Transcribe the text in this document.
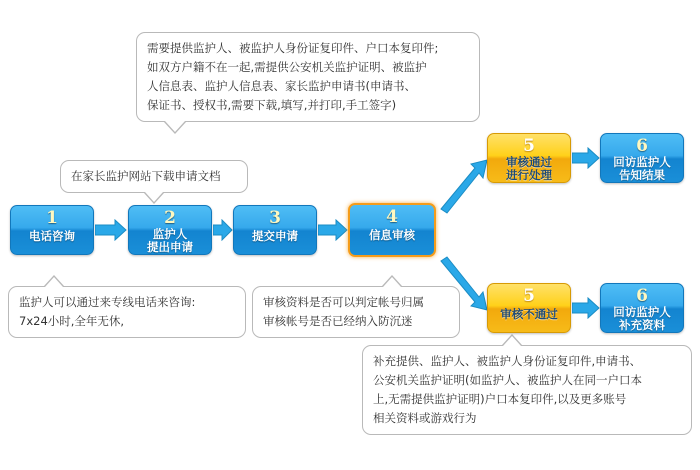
需要提供监护人、被监护人身份证复印件、户口本复印件;

如双方户籍不在一起,需提供公安机关监护证明、被监护

人信息表、监护人信息表、家长监护申请书(申请书、

保证书、授权书,需要下载,填写,并打印,手工签字)

在家长监护网站下载申请文档

监护人可以通过来专线电话来咨询:

7x24小时,全年无休,

审核资料是否可以判定帐号归属

审核帐号是否已经纳入防沉迷

补充提供、监护人、被监护人身份证复印件,申请书、

公安机关监护证明(如监护人、被监护人在同一户口本

上,无需提供监护证明)户口本复印件,以及更多账号

相关资料或游戏行为

1
电话咨询
2
监护人
提出申请
3
提交申请
4
信息审核
5
审核通过
进行处理
6
回访监护人
告知结果
5
审核不通过
6
回访监护人
补充资料
